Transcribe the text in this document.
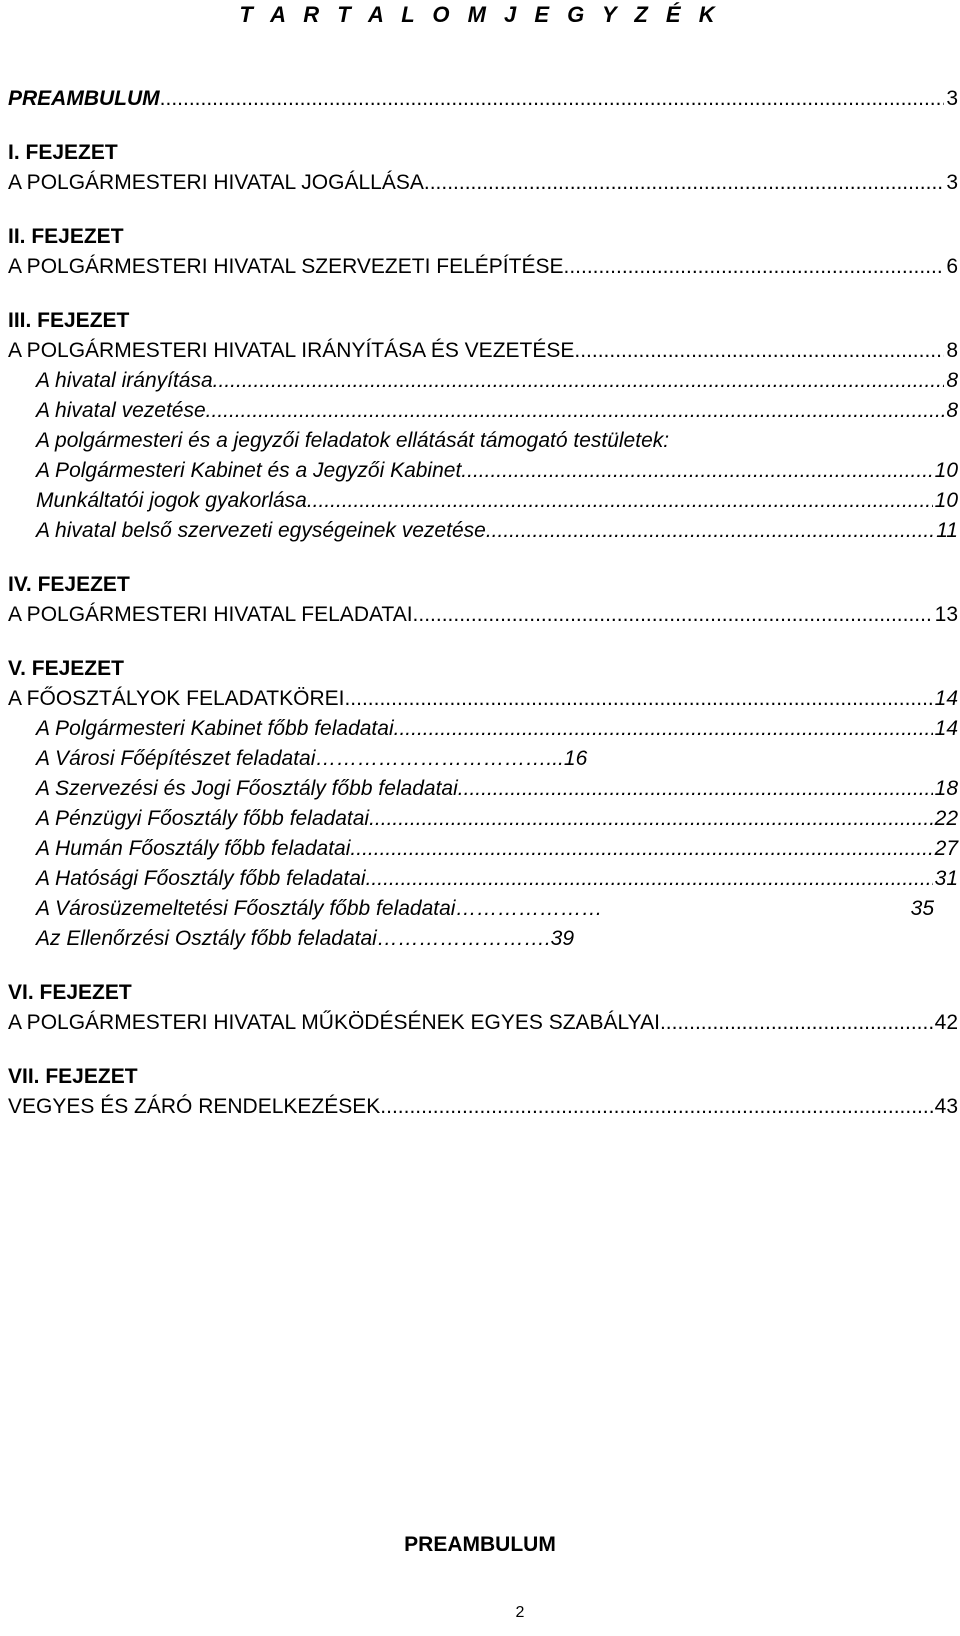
T A R T A L O M J E G Y Z É K
PREAMBULUM .....	3
I. FEJEZET
A POLGÁRMESTERI HIVATAL JOGÁLLÁSA .....	3
II. FEJEZET
A POLGÁRMESTERI HIVATAL SZERVEZETI FELÉPÍTÉSE .....	6
III. FEJEZET
A POLGÁRMESTERI HIVATAL IRÁNYÍTÁSA ÉS VEZETÉSE .....	8
A hivatal irányítása .....	8
A hivatal vezetése .....	8
A polgármesteri és a jegyzői feladatok ellátását támogató testületek:
A Polgármesteri Kabinet és a Jegyzői Kabinet .....	10
Munkáltatói jogok gyakorlása .....	10
A hivatal belső szervezeti egységeinek vezetése .....	11
IV. FEJEZET
A POLGÁRMESTERI HIVATAL FELADATAI .....	13
V. FEJEZET
A FŐOSZTÁLYOK FELADATKÖREI .....	14
A Polgármesteri Kabinet főbb feladatai .....	14
A Városi Főépítészet feladatai ……………………………...16
A Szervezési és Jogi Főosztály főbb feladatai .....	18
A Pénzügyi Főosztály főbb feladatai .....	22
A Humán Főosztály főbb feladatai .....	27
A Hatósági Főosztály főbb feladatai .....	31
A Városüzemeltetési Főosztály főbb feladatai …………………	35
Az Ellenőrzési Osztály főbb feladatai …………………….39
VI. FEJEZET
A POLGÁRMESTERI HIVATAL MŰKÖDÉSÉNEK EGYES SZABÁLYAI .....	42
VII. FEJEZET
VEGYES ÉS ZÁRÓ RENDELKEZÉSEK .....	43
PREAMBULUM
2
